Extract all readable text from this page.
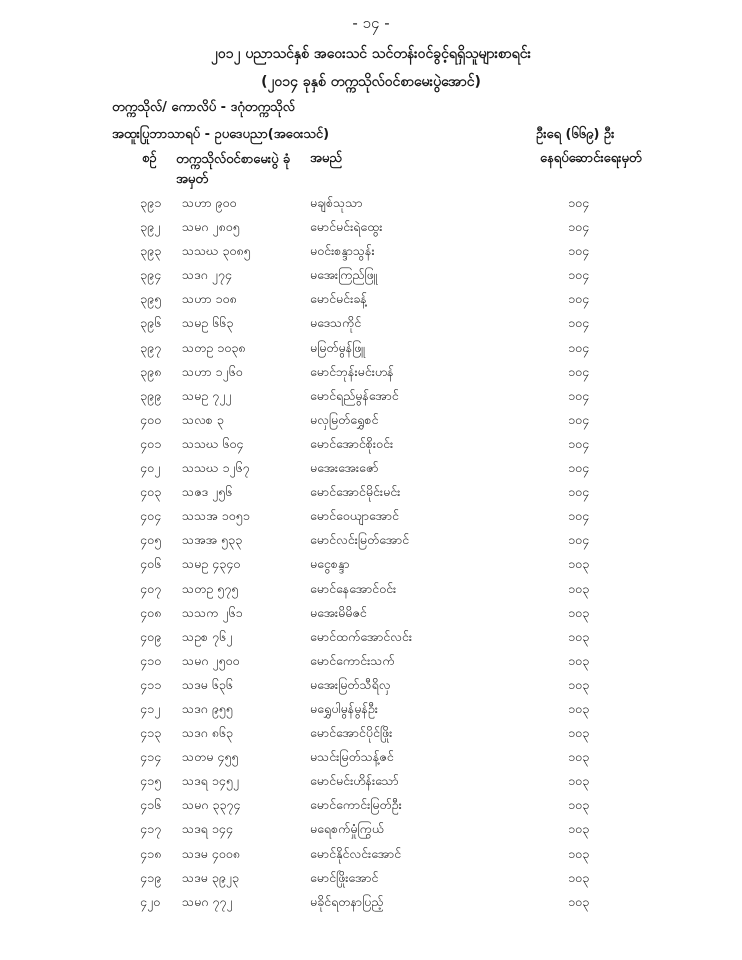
- ၁၄ -
၂၀၁၂ ပညာသင်နှစ် အဝေးသင် သင်တန်းဝင်ခွင့်ရရှိသူများစာရင်း
(၂၀၁၄ ခုနှစ် တက္ကသိုလ်ဝင်စာမေးပွဲအောင်)
တက္ကသိုလ်/ ကောလိပ် - ဒဂုံတက္ကသိုလ်
အထူးပြုဘာသာရပ် - ဥပဒေပညာ(အဝေးသင်)	ဦးရေ (၆၆၉) ဦး
စဉ် တက္ကသိုလ်ဝင်စာမေးပွဲ ခုံအမှတ်
အမည်	နေရပ်ဆောင်းရေးမှတ်
၃၉၁ သဟာ ၉၀၀	မချစ်သုသာ	၁၀၄
၃၉၂ သမဂ ၂၈၀၅	မောင်မင်းရဲထွေး	၁၀၄
၃၉၃ သသဃ ၃၀၈၅	မဝင်းစန္ဒာသွန်း	၁၀၄
၃၉၄ သဒဂ ၂၇၄	မအေးကြည်ဖြူ	၁၀၄
၃၉၅ သဟာ ၁၀၈	မောင်မင်းခန့်	၁၀၄
၃၉၆ သမဥ ၆၆၃	မဒေသကိုင်	၁၀၄
၃၉၇ သတဥ ၁၀၃၈	မမြတ်မွန်ဖြူ	၁၀၄
၃၉၈ သဟာ ၁၂၆၀	မောင်ဘုန်းမင်းဟန်	၁၀၄
၃၉၉ သမဥ ၇၂၂	မောင်ရည်မွန်အောင်	၁၀၄
၄၀၀ သလစ ၃	မလှမြတ်ရွှေစင်	၁၀၄
၄၀၁ သသဃ ၆၀၄	မောင်အောင်စိုးဝင်း	၁၀၄
၄၀၂ သသဃ ၁၂၆၇	မအေးအေးဇော်	၁၀၄
၄၀၃ သဇဒ ၂၅၆	မောင်အောင်မိုင်းမင်း	၁၀၄
၄၀၄ သသအ ၁၀၅၁	မောင်ဝေယျာအောင်	၁၀၄
၄၀၅ သအအ ၅၃၃	မောင်လင်းမြတ်အောင်	၁၀၄
၄၀၆ သမဥ ၄၃၄၀	မငွေစန္ဒာ	၁၀၃
၄၀၇ သတဥ ၅၇၅	မောင်နေအောင်ဝင်း	၁၀၃
၄၀၈ သသက ၂၆၁	မအေးမိမိဇင်	၁၀၃
၄၀၉ သဥစ ၇၆၂	မောင်ထက်အောင်လင်း	၁၀၃
၄၁၀ သမဂ ၂၅၀၀	မောင်ကောင်းသက်	၁၀၃
၄၁၁ သဒမ ၆၃၆	မအေးမြတ်သီရိလှ	၁၀၃
၄၁၂ သဒဂ ၉၅၅	မရွှေပါမွန်မွန်ဦး	၁၀၃
၄၁၃ သဒဂ ၈၆၃	မောင်အောင်ပိုင်ဖြိုး	၁၀၃
၄၁၄ သတမ ၄၅၅	မသင်းမြတ်သန့်ဇင်	၁၀၃
၄၁၅ သဒရ ၁၄၅၂	မောင်မင်းဟိန်းသော်	၁၀၃
၄၁၆ သမဂ ၃၃၇၄	မောင်ကောင်းမြတ်ဦး	၁၀၃
၄၁၇ သဒရ ၁၄၄	မရေစက်မှုံကြွယ်	၁၀၃
၄၁၈ သဒမ ၄၀၀၈	မောင်နိုင်လင်းအောင်	၁၀၃
၄၁၉ သဒမ ၃၉၂၃	မောင်ဖြိုးအောင်	၁၀၃
၄၂၀ သမဂ ၇၇၂	မခိုင်ရတနာပြည့်	၁၀၃
